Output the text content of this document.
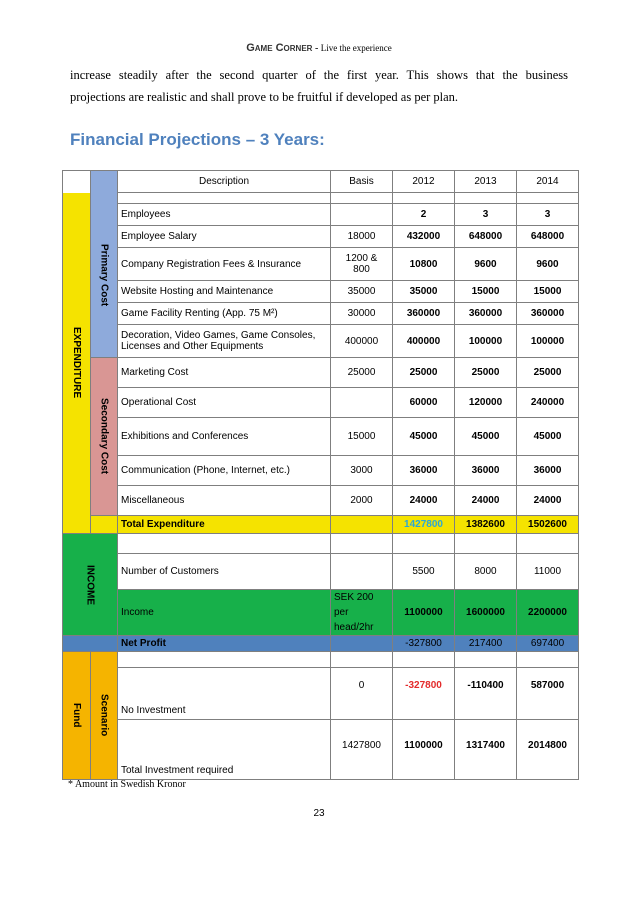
Game Corner - Live the experience
increase steadily after the second quarter of the first year. This shows that the business
projections are realistic and shall prove to be fruitful if developed as per plan.
Financial Projections – 3 Years:
		Description	Basis	2012	2013	2014

EXPENDITURE	Primary Cost					

		Employees		2	3	3
		Employee Salary	18000	432000	648000	648000
		Company Registration Fees & Insurance	1200 & 800	10800	9600	9600
		Website Hosting and Maintenance	35000	35000	15000	15000
		Game Facility Renting (App. 75 M²)	30000	360000	360000	360000
		Decoration, Video Games, Game Consoles, Licenses and Other Equipments	400000	400000	100000	100000

	Secondary Cost	Marketing Cost	25000	25000	25000	25000
		Operational Cost		60000	120000	240000
		Exhibitions and Conferences	15000	45000	45000	45000
		Communication (Phone, Internet, etc.)	3000	36000	36000	36000
		Miscellaneous	2000	24000	24000	24000
		Total Expenditure		1427800	1382600	1502600

INCOME						

		Number of Customers		5500	8000	11000
		Income	SEK 200 per head/2hr	1100000	1600000	2200000
		Net Profit		-327800	217400	697400

Fund	Scenario					

		No Investment	0	-327800	-110400	587000
		Total Investment required	1427800	1100000	1317400	2014800
* Amount in Swedish Kronor
23
